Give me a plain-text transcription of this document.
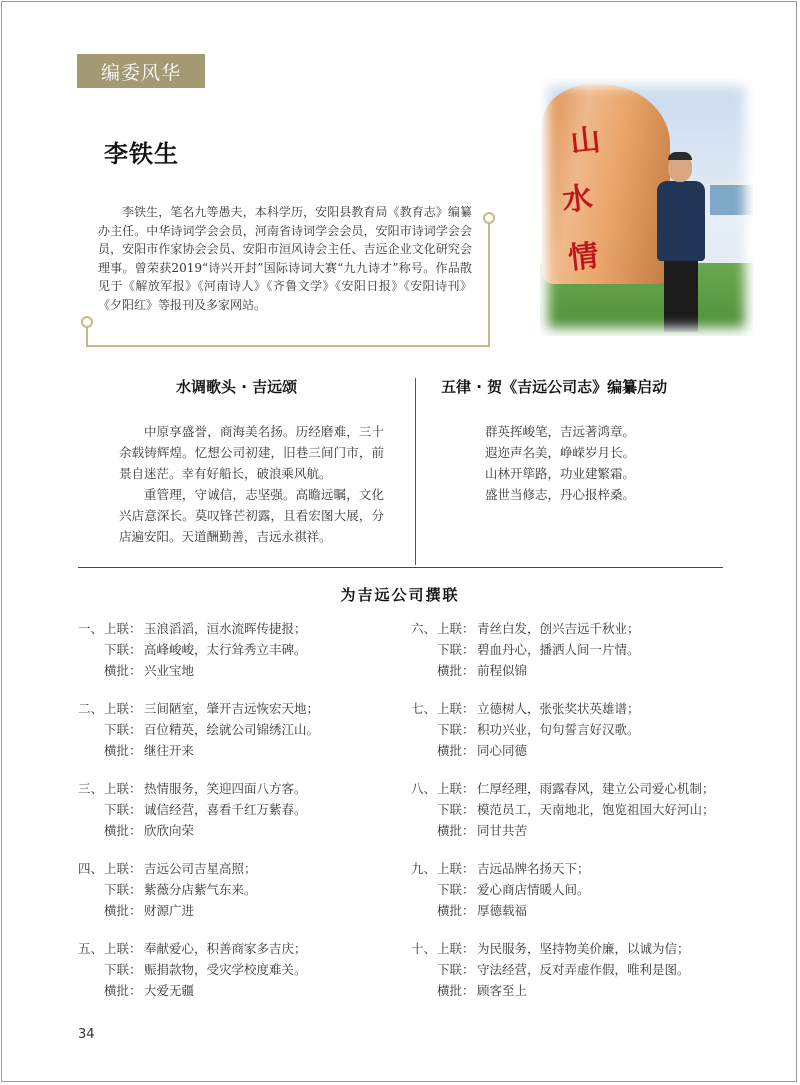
编委风华
李铁生
李铁生，笔名九等愚夫，本科学历，安阳县教育局《教育志》编纂办主任。中华诗词学会会员，河南省诗词学会会员，安阳市诗词学会会员，安阳市作家协会会员、安阳市洹风诗会主任、吉远企业文化研究会理事。曾荣获2019“诗兴开封”国际诗词大赛“九九诗才”称号。作品散见于《解放军报》《河南诗人》《齐鲁文学》《安阳日报》《安阳诗刊》《夕阳红》等报刊及多家网站。
山
水
情
水调歌头 · 吉远颂	五律 · 贺《吉远公司志》编纂启动

中原享盛誉，商海美名扬。历经磨难，三十余载铸辉煌。忆想公司初建，旧巷三间门市，前景自迷茫。幸有好船长，破浪乘风航。

重管理，守诚信，志坚强。高瞻远瞩，文化兴店意深长。莫叹锋芒初露，且看宏图大展，分店遍安阳。天道酬勤善，吉远永祺祥。

群英挥峻笔，吉远著鸿章。
遐迩声名美，峥嵘岁月长。
山林开筚路，功业建繁霜。
盛世当修志，丹心报梓桑。
为吉远公司撰联
一、 上联： 玉浪滔滔，洹水流晖传捷报；
下联： 高峰峻峻，太行耸秀立丰碑。
横批： 兴业宝地
二、 上联： 三间陋室，肇开吉远恢宏天地；
下联： 百位精英，绘就公司锦绣江山。
横批： 继往开来
三、 上联： 热情服务，笑迎四面八方客。
下联： 诚信经营，喜看千红万紫春。
横批： 欣欣向荣
四、 上联： 吉远公司吉星高照；
下联： 紫薇分店紫气东来。
横批： 财源广进
五、 上联： 奉献爱心，积善商家多吉庆；
下联： 赈捐款物，受灾学校度难关。
横批： 大爱无疆
六、 上联： 青丝白发，创兴吉远千秋业；
下联： 碧血丹心，播洒人间一片情。
横批： 前程似锦
七、 上联： 立德树人，张张奖状英雄谱；
下联： 积功兴业，句句誓言好汉歌。
横批： 同心同德
八、 上联： 仁厚经理，雨露春风，建立公司爱心机制；
下联： 模范员工，天南地北，饱览祖国大好河山；
横批： 同甘共苦
九、 上联： 吉远品牌名扬天下；
下联： 爱心商店情暖人间。
横批： 厚德载福
十、 上联： 为民服务，坚持物美价廉，以诚为信；
下联： 守法经营，反对弄虚作假，唯利是图。
横批： 顾客至上
34
